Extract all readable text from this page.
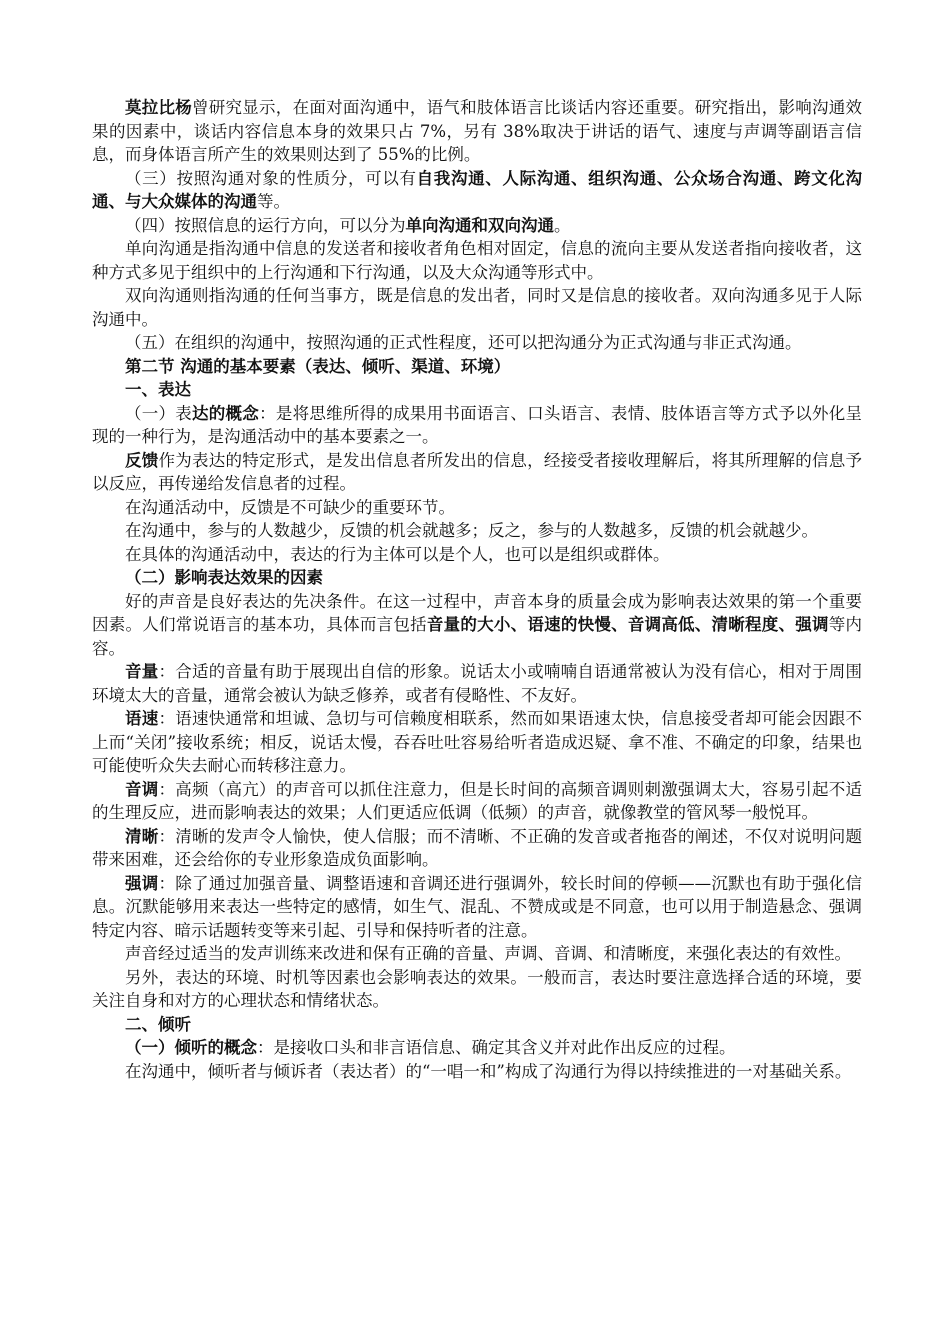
莫拉比杨曾研究显示，在面对面沟通中，语气和肢体语言比谈话内容还重要。研究指出，影响沟通效果的因素中，谈话内容信息本身的效果只占 7%，另有 38%取决于讲话的语气、速度与声调等副语言信息，而身体语言所产生的效果则达到了 55%的比例。

（三）按照沟通对象的性质分，可以有自我沟通、人际沟通、组织沟通、公众场合沟通、跨文化沟通、与大众媒体的沟通等。

（四）按照信息的运行方向，可以分为单向沟通和双向沟通。

单向沟通是指沟通中信息的发送者和接收者角色相对固定，信息的流向主要从发送者指向接收者，这种方式多见于组织中的上行沟通和下行沟通，以及大众沟通等形式中。

双向沟通则指沟通的任何当事方，既是信息的发出者，同时又是信息的接收者。双向沟通多见于人际沟通中。

（五）在组织的沟通中，按照沟通的正式性程度，还可以把沟通分为正式沟通与非正式沟通。

第二节 沟通的基本要素（表达、倾听、渠道、环境）

一、表达

（一）表达的概念：是将思维所得的成果用书面语言、口头语言、表情、肢体语言等方式予以外化呈现的一种行为，是沟通活动中的基本要素之一。

反馈作为表达的特定形式，是发出信息者所发出的信息，经接受者接收理解后，将其所理解的信息予以反应，再传递给发信息者的过程。

在沟通活动中，反馈是不可缺少的重要环节。

在沟通中，参与的人数越少，反馈的机会就越多；反之，参与的人数越多，反馈的机会就越少。

在具体的沟通活动中，表达的行为主体可以是个人，也可以是组织或群体。

（二）影响表达效果的因素

好的声音是良好表达的先决条件。在这一过程中，声音本身的质量会成为影响表达效果的第一个重要因素。人们常说语言的基本功，具体而言包括音量的大小、语速的快慢、音调高低、清晰程度、强调等内容。

音量：合适的音量有助于展现出自信的形象。说话太小或喃喃自语通常被认为没有信心，相对于周围环境太大的音量，通常会被认为缺乏修养，或者有侵略性、不友好。

语速：语速快通常和坦诚、急切与可信赖度相联系，然而如果语速太快，信息接受者却可能会因跟不上而“关闭”接收系统；相反，说话太慢，吞吞吐吐容易给听者造成迟疑、拿不准、不确定的印象，结果也可能使听众失去耐心而转移注意力。

音调：高频（高亢）的声音可以抓住注意力，但是长时间的高频音调则刺激强调太大，容易引起不适的生理反应，进而影响表达的效果；人们更适应低调（低频）的声音，就像教堂的管风琴一般悦耳。

清晰：清晰的发声令人愉快，使人信服；而不清晰、不正确的发音或者拖沓的阐述，不仅对说明问题带来困难，还会给你的专业形象造成负面影响。

强调：除了通过加强音量、调整语速和音调还进行强调外，较长时间的停顿——沉默也有助于强化信息。沉默能够用来表达一些特定的感情，如生气、混乱、不赞成或是不同意，也可以用于制造悬念、强调特定内容、暗示话题转变等来引起、引导和保持听者的注意。

声音经过适当的发声训练来改进和保有正确的音量、声调、音调、和清晰度，来强化表达的有效性。

另外，表达的环境、时机等因素也会影响表达的效果。一般而言，表达时要注意选择合适的环境，要关注自身和对方的心理状态和情绪状态。

二、倾听

（一）倾听的概念：是接收口头和非言语信息、确定其含义并对此作出反应的过程。

在沟通中，倾听者与倾诉者（表达者）的“一唱一和”构成了沟通行为得以持续推进的一对基础关系。
